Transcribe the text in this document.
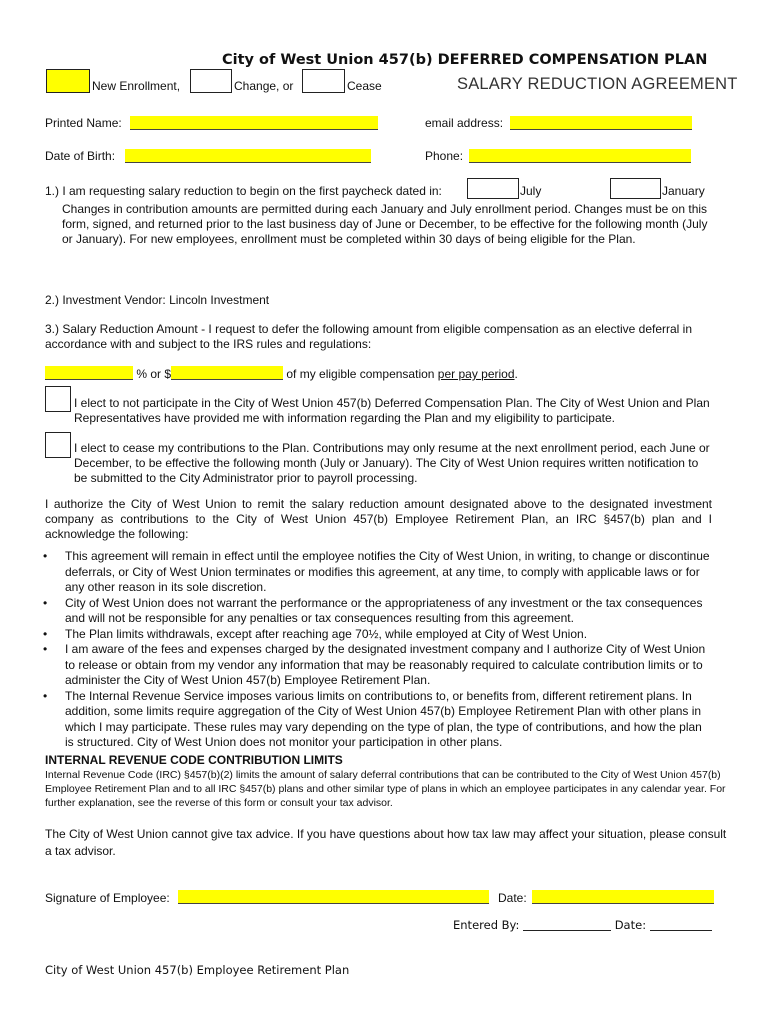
City of West Union 457(b) DEFERRED COMPENSATION PLAN
SALARY REDUCTION AGREEMENT
New Enrollment,	Change, or	Cease
Printed Name:	email address:
Date of Birth:	Phone:
1.) I am requesting salary reduction to begin on the first paycheck dated in:	July	January
Changes in contribution amounts are permitted during each January and July enrollment period. Changes must be on this form, signed, and returned prior to the last business day of June or December, to be effective for the following month (July or January). For new employees, enrollment must be completed within 30 days of being eligible for the Plan.
2.) Investment Vendor: Lincoln Investment
3.) Salary Reduction Amount - I request to defer the following amount from eligible compensation as an elective deferral in accordance with and subject to the IRS rules and regulations:
% or $	of my eligible compensation per pay period.
I elect to not participate in the City of West Union 457(b) Deferred Compensation Plan. The City of West Union and Plan Representatives have provided me with information regarding the Plan and my eligibility to participate.
I elect to cease my contributions to the Plan. Contributions may only resume at the next enrollment period, each June or December, to be effective the following month (July or January). The City of West Union requires written notification to be submitted to the City Administrator prior to payroll processing.
I authorize the City of West Union to remit the salary reduction amount designated above to the designated investment company as contributions to the City of West Union 457(b) Employee Retirement Plan, an IRC §457(b) plan and I acknowledge the following:
• This agreement will remain in effect until the employee notifies the City of West Union, in writing, to change or discontinue deferrals, or City of West Union terminates or modifies this agreement, at any time, to comply with applicable laws or for any other reason in its sole discretion.
• City of West Union does not warrant the performance or the appropriateness of any investment or the tax consequences and will not be responsible for any penalties or tax consequences resulting from this agreement.
• The Plan limits withdrawals, except after reaching age 70½, while employed at City of West Union.
• I am aware of the fees and expenses charged by the designated investment company and I authorize City of West Union to release or obtain from my vendor any information that may be reasonably required to calculate contribution limits or to administer the City of West Union 457(b) Employee Retirement Plan.
• The Internal Revenue Service imposes various limits on contributions to, or benefits from, different retirement plans. In addition, some limits require aggregation of the City of West Union 457(b) Employee Retirement Plan with other plans in which I may participate. These rules may vary depending on the type of plan, the type of contributions, and how the plan is structured. City of West Union does not monitor your participation in other plans.
INTERNAL REVENUE CODE CONTRIBUTION LIMITS
Internal Revenue Code (IRC) §457(b)(2) limits the amount of salary deferral contributions that can be contributed to the City of West Union 457(b) Employee Retirement Plan and to all IRC §457(b) plans and other similar type of plans in which an employee participates in any calendar year. For further explanation, see the reverse of this form or consult your tax advisor.
The City of West Union cannot give tax advice. If you have questions about how tax law may affect your situation, please consult a tax advisor.
Signature of Employee:	Date:
Entered By:	Date:
City of West Union 457(b) Employee Retirement Plan
